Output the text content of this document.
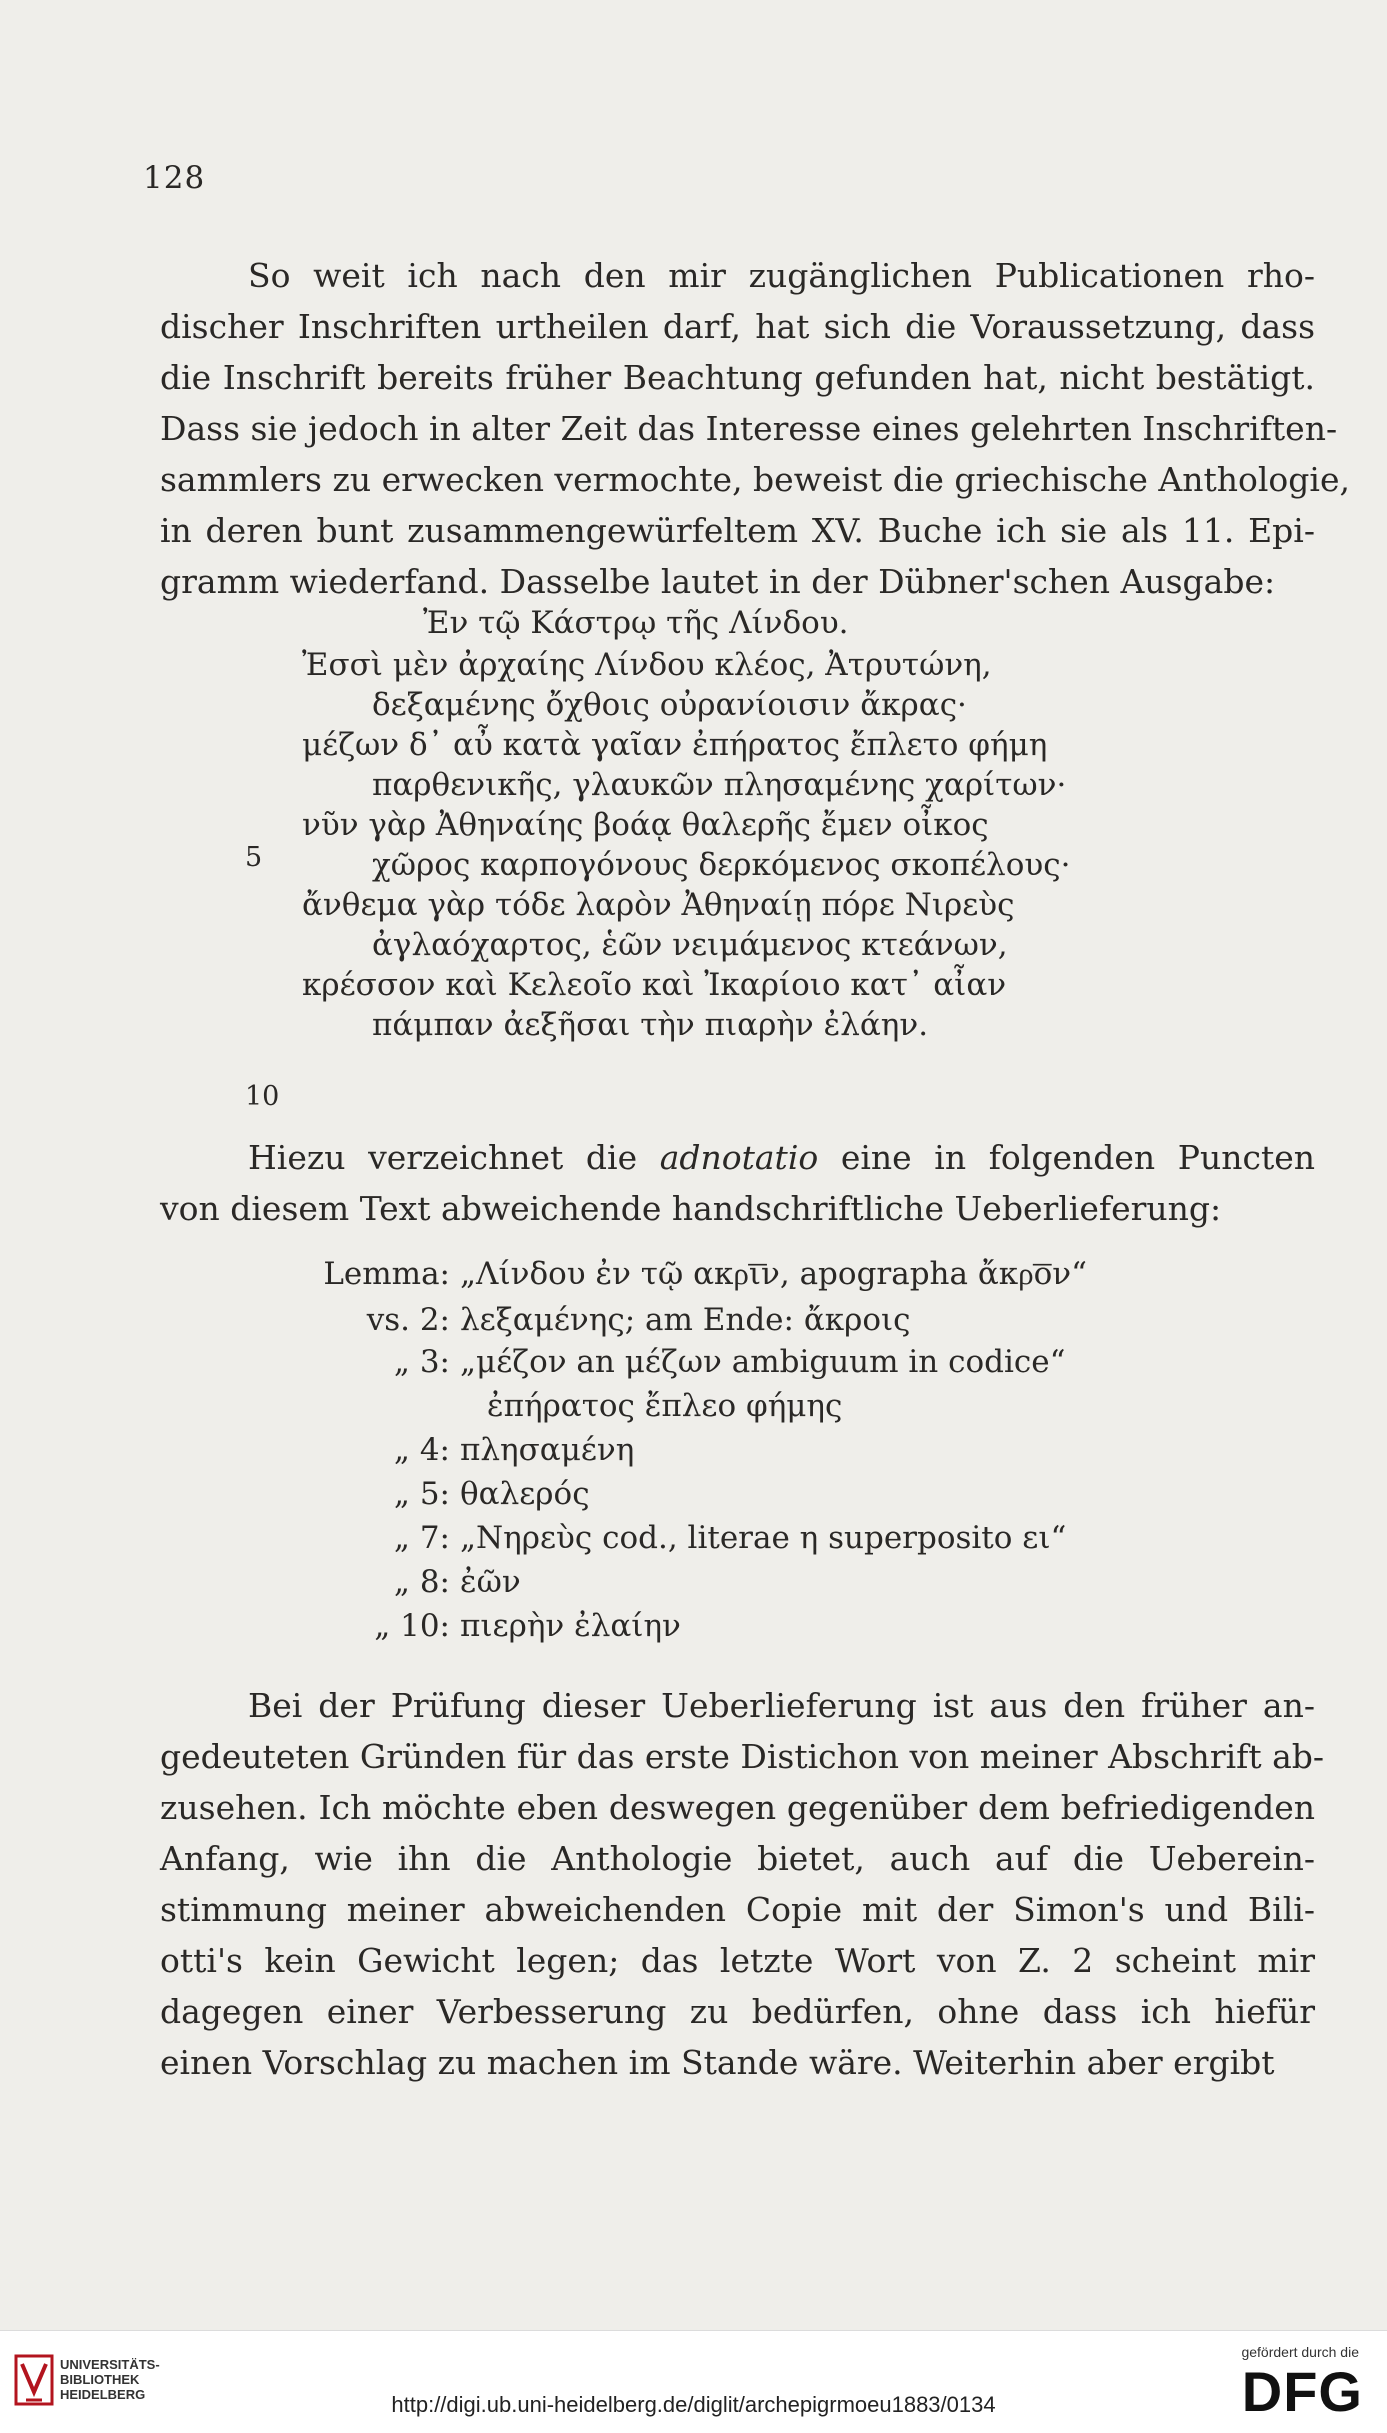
128
So weit ich nach den mir zugänglichen Publicationen rho-
discher Inschriften urtheilen darf, hat sich die Voraussetzung, dass
die Inschrift bereits früher Beachtung gefunden hat, nicht bestätigt.
Dass sie jedoch in alter Zeit das Interesse eines gelehrten Inschriften-
sammlers zu erwecken vermochte, beweist die griechische Anthologie,
in deren bunt zusammengewürfeltem XV. Buche ich sie als 11. Epi-
gramm wiederfand. Dasselbe lautet in der Dübner'schen Ausgabe:
Ἐν τῷ Κάστρῳ τῆς Λίνδου.
Ἐσσὶ μὲν ἀρχαίης Λίνδου κλέος, Ἀτρυτώνη,
δεξαμένης ὄχθοις οὐρανίοισιν ἄκρας·
μέζων δ᾽ αὖ κατὰ γαῖαν ἐπήρατος ἔπλετο φήμη
παρθενικῆς, γλαυκῶν πλησαμένης χαρίτων·
νῦν γὰρ Ἀθηναίης βοάᾳ θαλερῆς ἔμεν οἶκος
χῶρος καρπογόνους δερκόμενος σκοπέλους·
ἄνθεμα γὰρ τόδε λαρὸν Ἀθηναίῃ πόρε Νιρεὺς
ἀγλαόχαρτος, ἑῶν νειμάμενος κτεάνων,
κρέσσον καὶ Κελεοῖο καὶ Ἰκαρίοιο κατ᾽ αἶαν
πάμπαν ἀεξῆσαι τὴν πιαρὴν ἐλάην.
5
10
Hiezu verzeichnet die adnotatio eine in folgenden Puncten
von diesem Text abweichende handschriftliche Ueberlieferung:
Lemma: „Λίνδου ἐν τῷ ακρ͞ιν, apographa ἄκρ͞ον“
vs. 2: λεξαμένης; am Ende: ἄκροις
„ 3: „μέζον an μέζων ambiguum in codice“
ἐπήρατος ἔπλεο φήμης
„ 4: πλησαμένη
„ 5: θαλερός
„ 7: „Νηρεὺς cod., literae η superposito ει“
„ 8: ἐῶν
„ 10: πιερὴν ἐλαίην
Bei der Prüfung dieser Ueberlieferung ist aus den früher an-
gedeuteten Gründen für das erste Distichon von meiner Abschrift ab-
zusehen. Ich möchte eben deswegen gegenüber dem befriedigenden
Anfang, wie ihn die Anthologie bietet, auch auf die Ueberein-
stimmung meiner abweichenden Copie mit der Simon's und Bili-
otti's kein Gewicht legen; das letzte Wort von Z. 2 scheint mir
dagegen einer Verbesserung zu bedürfen, ohne dass ich hiefür
einen Vorschlag zu machen im Stande wäre. Weiterhin aber ergibt
UNIVERSITÄTS-
BIBLIOTHEK
HEIDELBERG	http://digi.ub.uni-heidelberg.de/diglit/archepigrmoeu1883/0134
gefördert durch die
DFG
